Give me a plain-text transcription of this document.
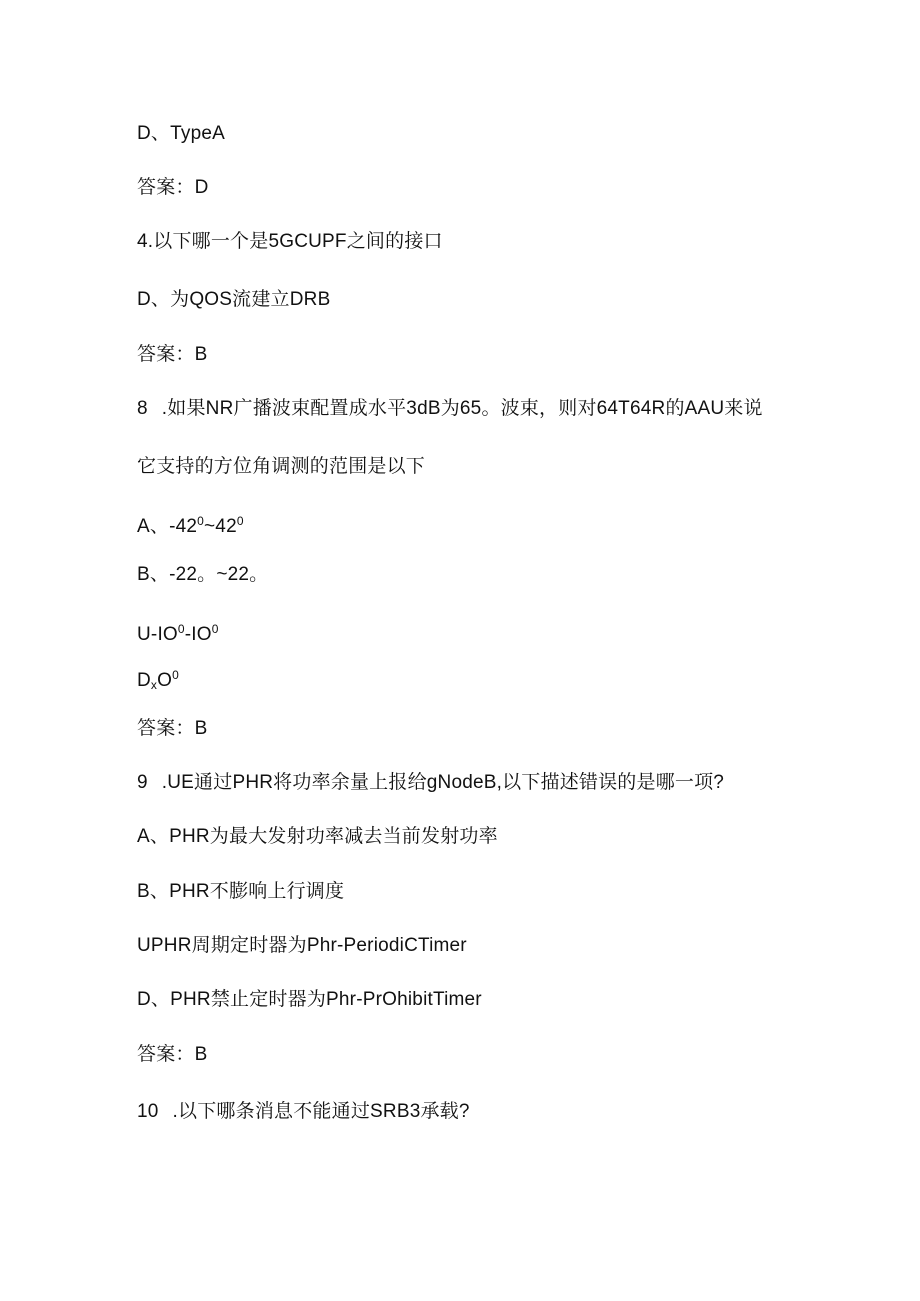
D、TypeA
答案：D
4.以下哪一个是5GCUPF之间的接口
D、为QOS流建立DRB
答案：B
8 .如果NR广播波束配置成水平3dB为65。波束，则对64T64R的AAU来说
它支持的方位角调测的范围是以下
A、$-42^0\sim 42^0$
B、-22。~22。
$U-IO^0-IO^0$
$D_xO^0$
答案：B
9 .UE通过PHR将功率余量上报给gNodeB,以下描述错误的是哪一项?
A、PHR为最大发射功率减去当前发射功率
B、PHR不膨响上行调度
UPHR周期定时器为Phr-PeriodiCTimer
D、PHR禁止定时器为Phr-PrOhibitTimer
答案：B
10 .以下哪条消息不能通过SRB3承载?
